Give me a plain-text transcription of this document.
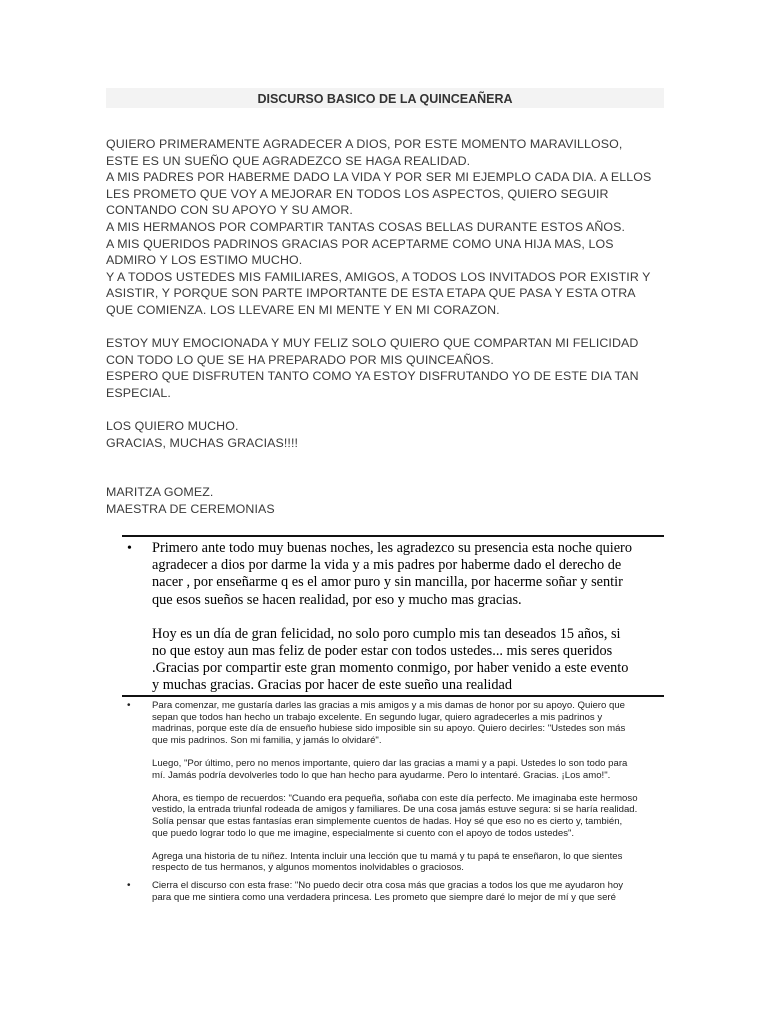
DISCURSO BASICO DE LA QUINCEAÑERA

QUIERO PRIMERAMENTE AGRADECER A DIOS, POR ESTE MOMENTO MARAVILLOSO,

ESTE ES UN SUEÑO QUE AGRADEZCO SE HAGA REALIDAD.

A MIS PADRES POR HABERME DADO LA VIDA Y POR SER MI EJEMPLO CADA DIA. A ELLOS

LES PROMETO QUE VOY A MEJORAR EN TODOS LOS ASPECTOS, QUIERO SEGUIR

CONTANDO CON SU APOYO Y SU AMOR.

A MIS HERMANOS POR COMPARTIR TANTAS COSAS BELLAS DURANTE ESTOS AÑOS.

A MIS QUERIDOS PADRINOS GRACIAS POR ACEPTARME COMO UNA HIJA MAS, LOS

ADMIRO Y LOS ESTIMO MUCHO.

Y A TODOS USTEDES MIS FAMILIARES, AMIGOS, A TODOS LOS INVITADOS POR EXISTIR Y

ASISTIR, Y PORQUE SON PARTE IMPORTANTE DE ESTA ETAPA QUE PASA Y ESTA OTRA

QUE COMIENZA. LOS LLEVARE EN MI MENTE Y EN MI CORAZON.

ESTOY MUY EMOCIONADA Y MUY FELIZ SOLO QUIERO QUE COMPARTAN MI FELICIDAD

CON TODO LO QUE SE HA PREPARADO POR MIS QUINCEAÑOS.

ESPERO QUE DISFRUTEN TANTO COMO YA ESTOY DISFRUTANDO YO DE ESTE DIA TAN

ESPECIAL.

LOS QUIERO MUCHO.

GRACIAS, MUCHAS GRACIAS!!!!

MARITZA GOMEZ.

MAESTRA DE CEREMONIAS

• Primero ante todo muy buenas noches, les agradezco su presencia esta noche quiero

agradecer a dios por darme la vida y a mis padres por haberme dado el derecho de

nacer , por enseñarme q es el amor puro y sin mancilla, por hacerme soñar y sentir

que esos sueños se hacen realidad, por eso y mucho mas gracias.

Hoy es un día de gran felicidad, no solo poro cumplo mis tan deseados 15 años, si

no que estoy aun mas feliz de poder estar con todos ustedes... mis seres queridos

.Gracias por compartir este gran momento conmigo, por haber venido a este evento

y muchas gracias. Gracias por hacer de este sueño una realidad

• Para comenzar, me gustaría darles las gracias a mis amigos y a mis damas de honor por su apoyo. Quiero que

sepan que todos han hecho un trabajo excelente. En segundo lugar, quiero agradecerles a mis padrinos y

madrinas, porque este día de ensueño hubiese sido imposible sin su apoyo. Quiero decirles: "Ustedes son más

que mis padrinos. Son mi familia, y jamás lo olvidaré".

Luego, "Por último, pero no menos importante, quiero dar las gracias a mami y a papi. Ustedes lo son todo para

mí. Jamás podría devolverles todo lo que han hecho para ayudarme. Pero lo intentaré. Gracias. ¡Los amo!".

Ahora, es tiempo de recuerdos: "Cuando era pequeña, soñaba con este día perfecto. Me imaginaba este hermoso

vestido, la entrada triunfal rodeada de amigos y familiares. De una cosa jamás estuve segura: si se haría realidad.

Solía pensar que estas fantasías eran simplemente cuentos de hadas. Hoy sé que eso no es cierto y, también,

que puedo lograr todo lo que me imagine, especialmente si cuento con el apoyo de todos ustedes".

Agrega una historia de tu niñez. Intenta incluir una lección que tu mamá y tu papá te enseñaron, lo que sientes

respecto de tus hermanos, y algunos momentos inolvidables o graciosos.

• Cierra el discurso con esta frase: "No puedo decir otra cosa más que gracias a todos los que me ayudaron hoy

para que me sintiera como una verdadera princesa. Les prometo que siempre daré lo mejor de mí y que seré
